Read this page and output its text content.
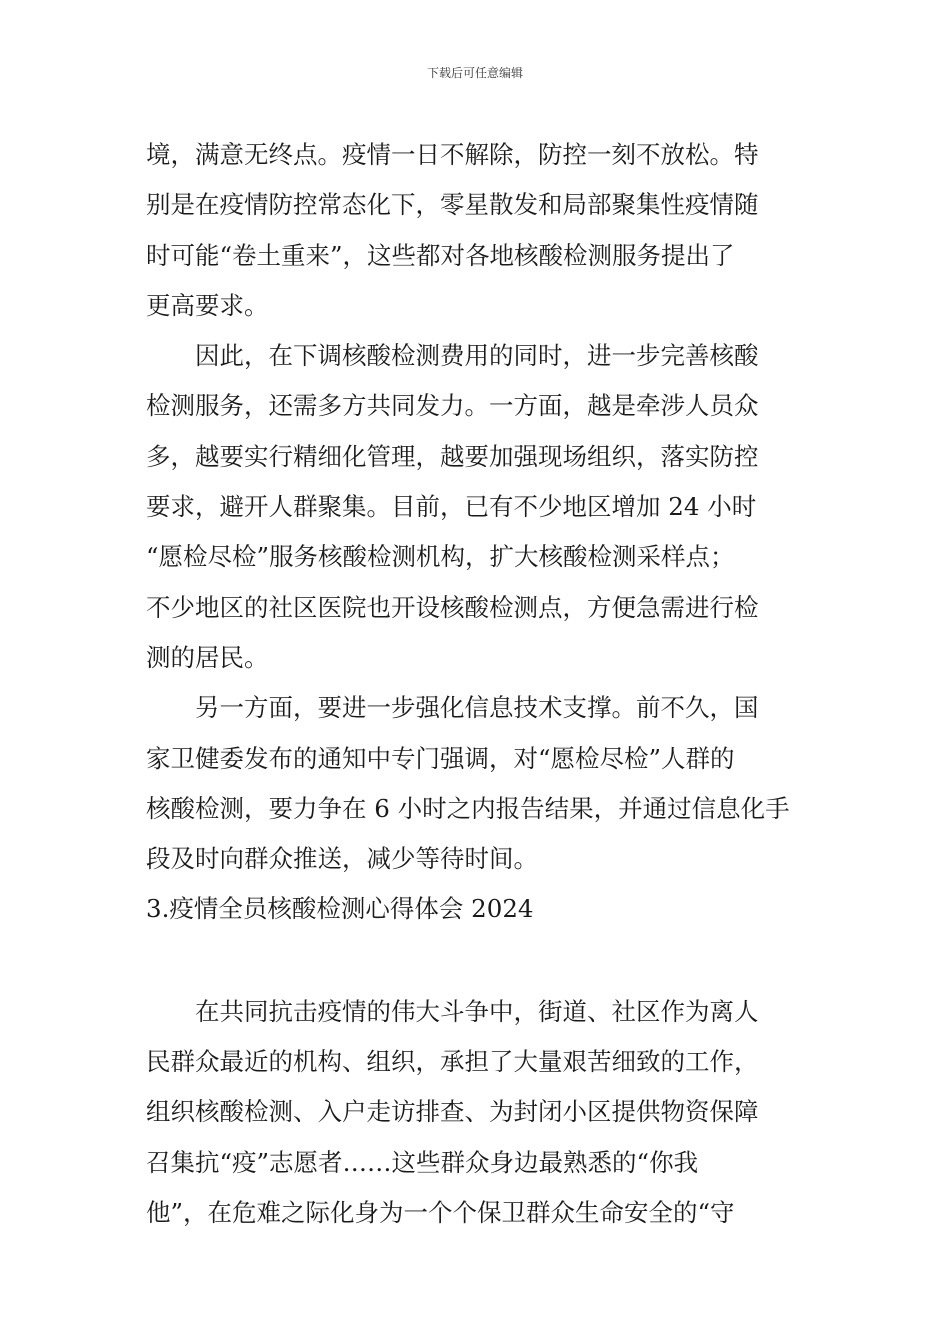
下载后可任意编辑
境，满意无终点。疫情一日不解除，防控一刻不放松。特
别是在疫情防控常态化下，零星散发和局部聚集性疫情随
时可能“卷土重来”，这些都对各地核酸检测服务提出了
更高要求。
　　因此，在下调核酸检测费用的同时，进一步完善核酸
检测服务，还需多方共同发力。一方面，越是牵涉人员众
多，越要实行精细化管理，越要加强现场组织，落实防控
要求，避开人群聚集。目前，已有不少地区增加 24 小时
“愿检尽检”服务核酸检测机构，扩大核酸检测采样点；
不少地区的社区医院也开设核酸检测点，方便急需进行检
测的居民。
　　另一方面，要进一步强化信息技术支撑。前不久，国
家卫健委发布的通知中专门强调，对“愿检尽检”人群的
核酸检测，要力争在 6 小时之内报告结果，并通过信息化手
段及时向群众推送，减少等待时间。
3.疫情全员核酸检测心得体会 2024
　　在共同抗击疫情的伟大斗争中，街道、社区作为离人
民群众最近的机构、组织，承担了大量艰苦细致的工作，
组织核酸检测、入户走访排查、为封闭小区提供物资保障
召集抗“疫”志愿者……这些群众身边最熟悉的“你我
他”，在危难之际化身为一个个保卫群众生命安全的“守
